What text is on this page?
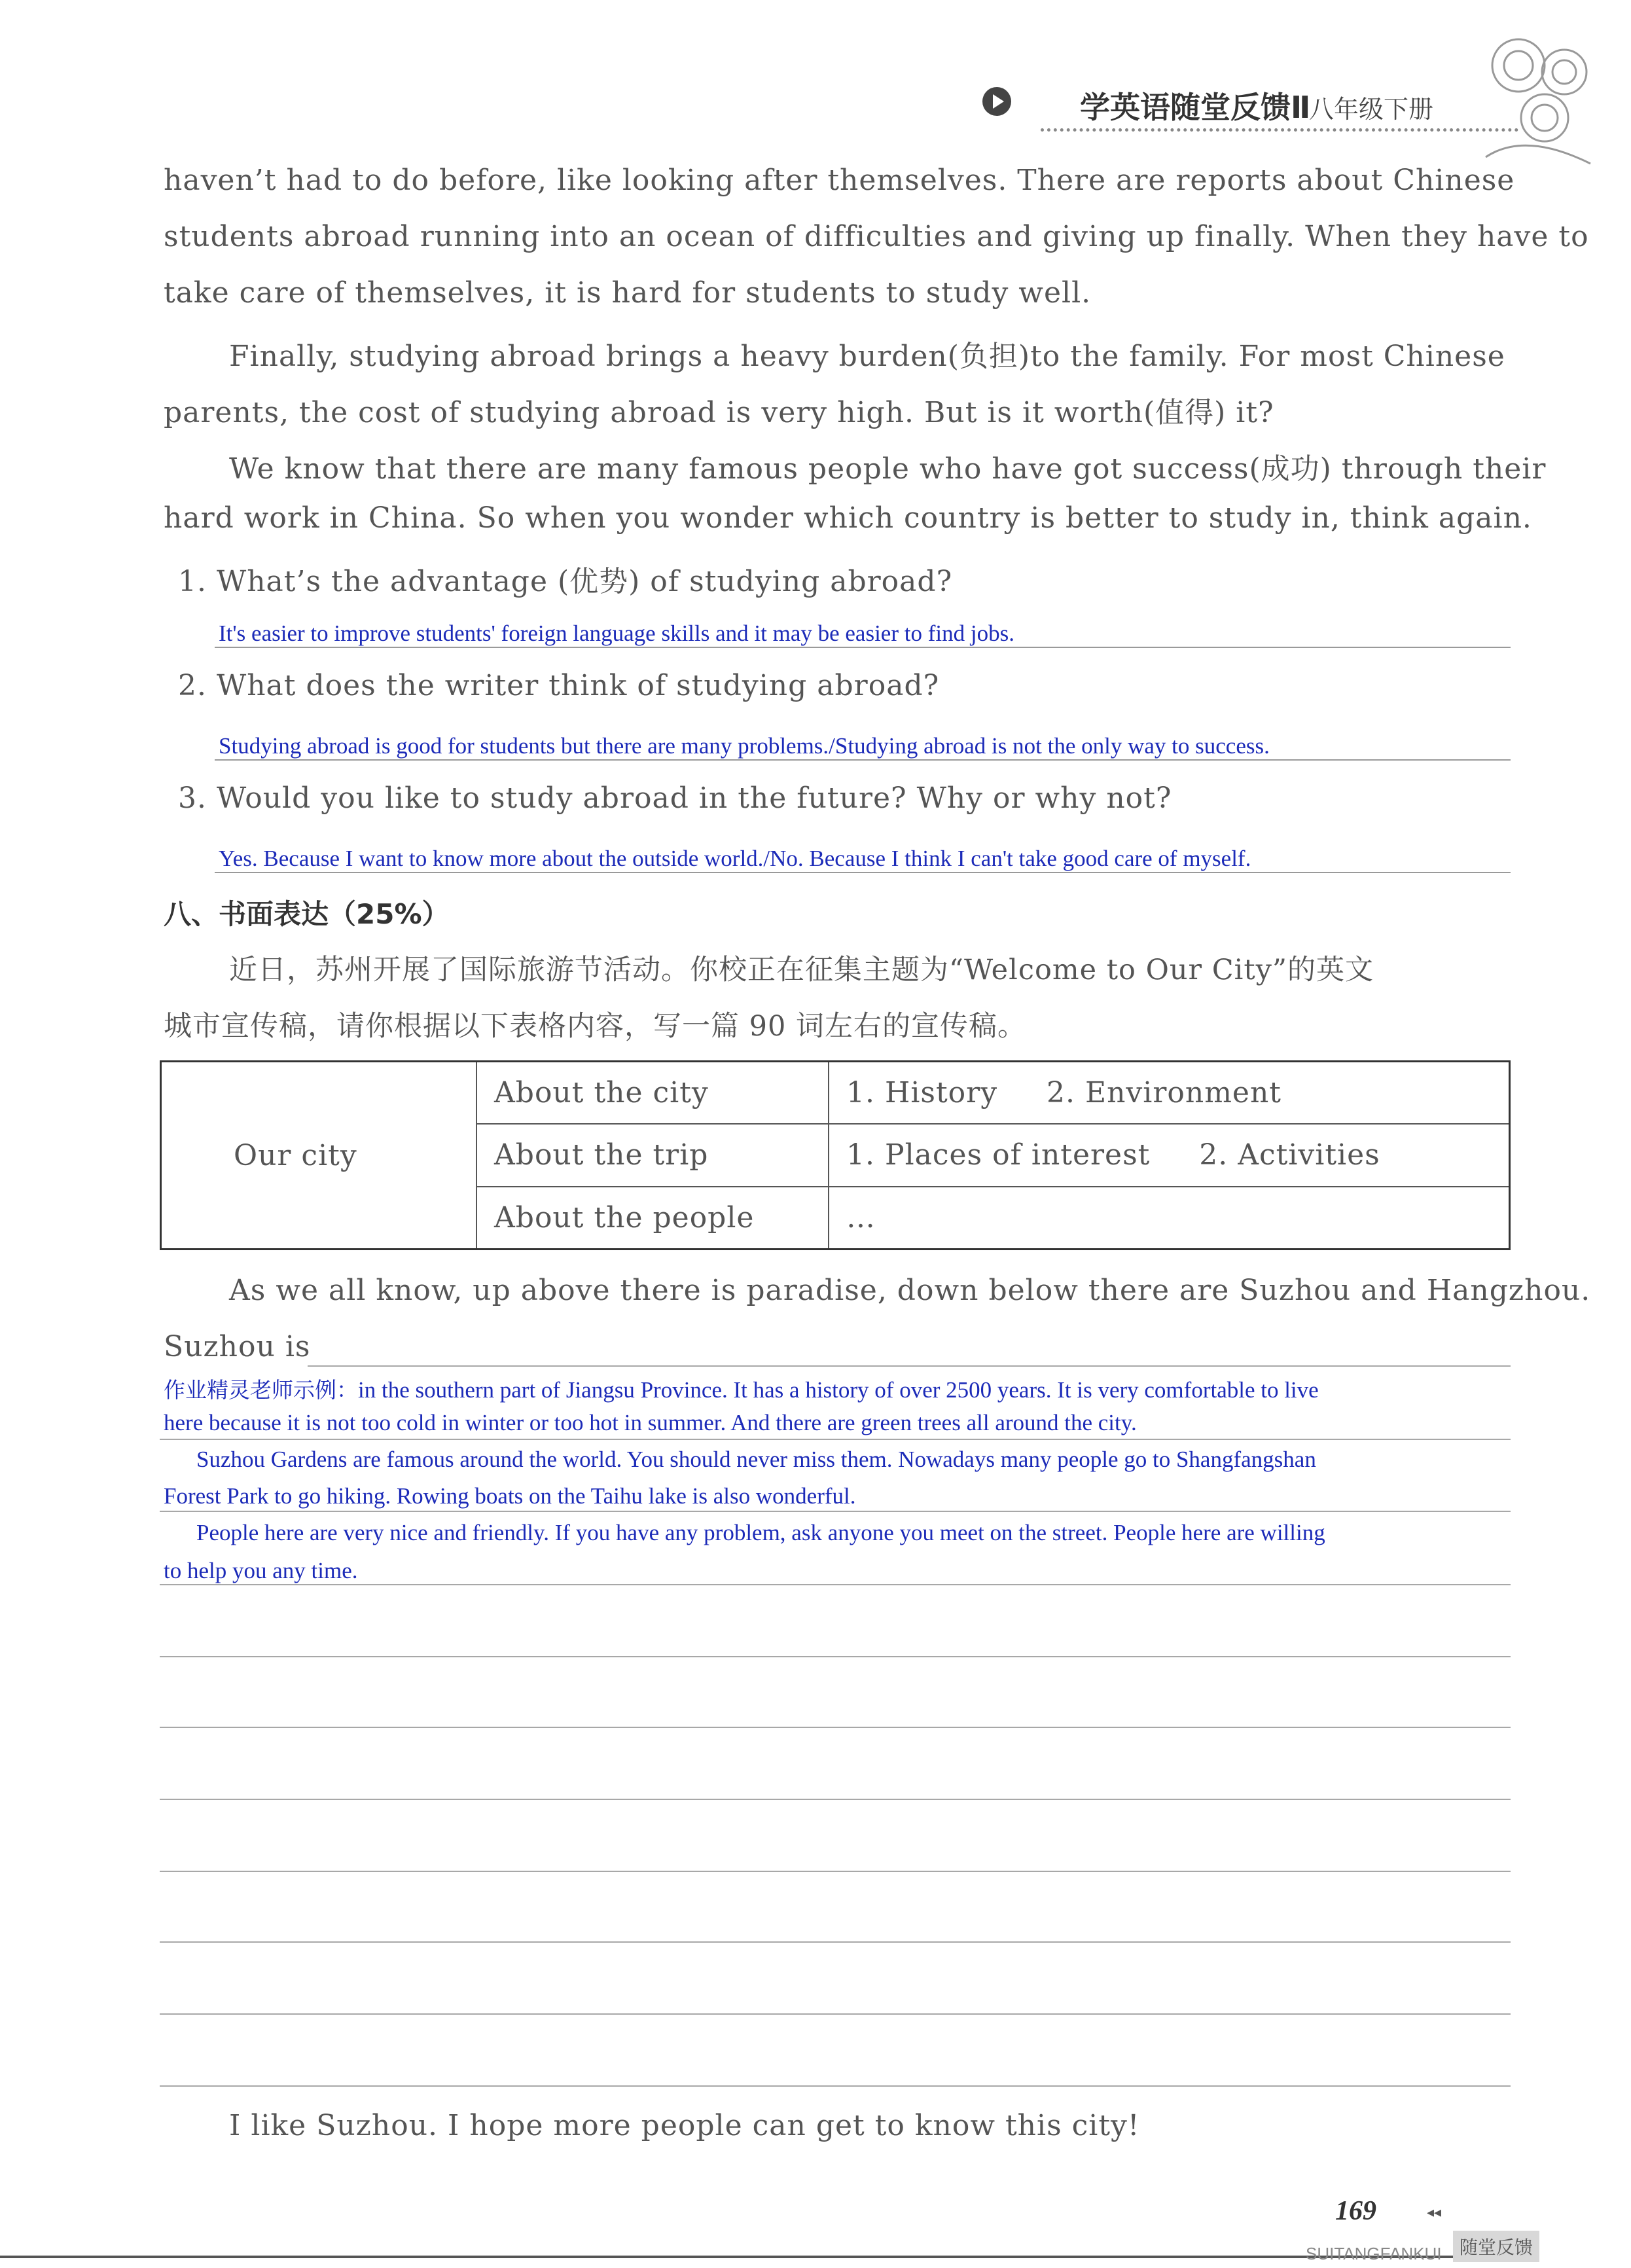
学英语随堂反馈Ⅱ
八年级下册
haven’t had to do before, like looking after themselves. There are reports about Chinese
students abroad running into an ocean of difficulties and giving up finally. When they have to
take care of themselves, it is hard for students to study well.
Finally, studying abroad brings a heavy burden(负担)to the family. For most Chinese
parents, the cost of studying abroad is very high. But is it worth(值得) it?
We know that there are many famous people who have got success(成功) through their
hard work in China. So when you wonder which country is better to study in, think again.
1. What’s the advantage (优势) of studying abroad?
It's easier to improve students' foreign language skills and it may be easier to find jobs.
2. What does the writer think of studying abroad?
Studying abroad is good for students but there are many problems./Studying abroad is not the only way to success.
3. Would you like to study abroad in the future? Why or why not?
Yes. Because I want to know more about the outside world./No. Because I think I can't take good care of myself.
八、书面表达（25%）
近日，苏州开展了国际旅游节活动。你校正在征集主题为“Welcome to Our City”的英文
城市宣传稿，请你根据以下表格内容，写一篇 90 词左右的宣传稿。
Our city	About the city	1. History     2. Environment
	About the trip	1. Places of interest     2. Activities
	About the people	…
As we all know, up above there is paradise, down below there are Suzhou and Hangzhou.
Suzhou is
作业精灵老师示例：in the southern part of Jiangsu Province. It has a history of over 2500 years. It is very comfortable to live
here because it is not too cold in winter or too hot in summer. And there are green trees all around the city.
Suzhou Gardens are famous around the world. You should never miss them. Nowadays many people go to Shangfangshan
Forest Park to go hiking. Rowing boats on the Taihu lake is also wonderful.
People here are very nice and friendly. If you have any problem, ask anyone you meet on the street. People here are willing
to help you any time.
I like Suzhou. I hope more people can get to know this city!
169	◂◂
SUITANGFANKUI 随堂反馈
